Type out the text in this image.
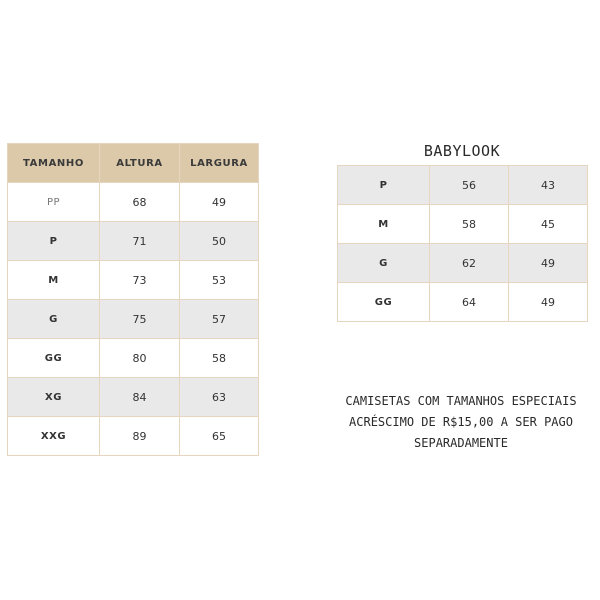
TAMANHO	ALTURA	LARGURA
PP	68	49
P	71	50
M	73	53
G	75	57
GG	80	58
XG	84	63
XXG	89	65
BABYLOOK
P	56	43
M	58	45
G	62	49
GG	64	49
CAMISETAS COM TAMANHOS ESPECIAIS
ACRÉSCIMO DE R$15,00 A SER PAGO
SEPARADAMENTE
